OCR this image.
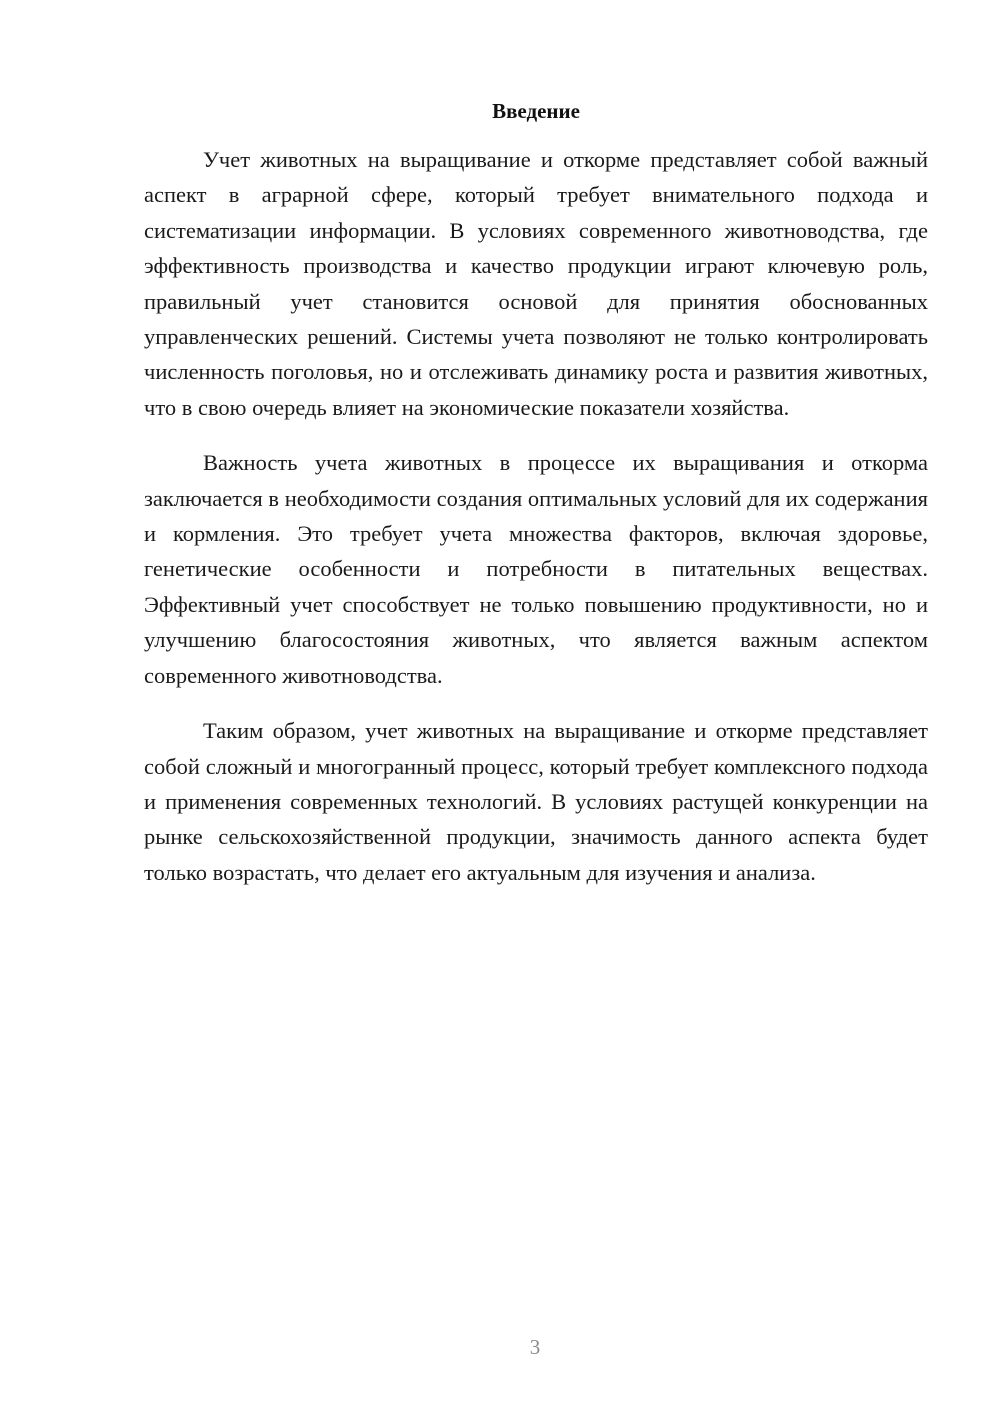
Введение

Учет животных на выращивание и откорме представляет собой важный аспект в аграрной сфере, который требует внимательного подхода и систематизации информации. В условиях современного животноводства, где эффективность производства и качество продукции играют ключевую роль, правильный учет становится основой для принятия обоснованных управленческих решений. Системы учета позволяют не только контролировать численность поголовья, но и отслеживать динамику роста и развития животных, что в свою очередь влияет на экономические показатели хозяйства.

Важность учета животных в процессе их выращивания и откорма заключается в необходимости создания оптимальных условий для их содержания и кормления. Это требует учета множества факторов, включая здоровье, генетические особенности и потребности в питательных веществах. Эффективный учет способствует не только повышению продуктивности, но и улучшению благосостояния животных, что является важным аспектом современного животноводства.

Таким образом, учет животных на выращивание и откорме представляет собой сложный и многогранный процесс, который требует комплексного подхода и применения современных технологий. В условиях растущей конкуренции на рынке сельскохозяйственной продукции, значимость данного аспекта будет только возрастать, что делает его актуальным для изучения и анализа.

3
